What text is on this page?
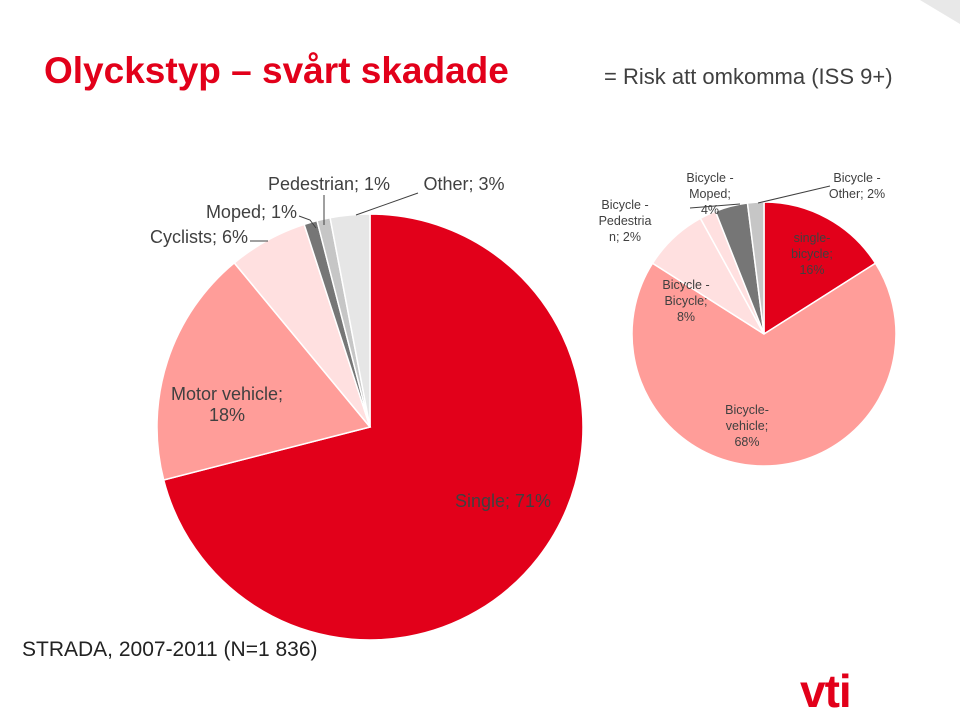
Olyckstyp – svårt skadade	= Risk att omkomma (ISS 9+)
Single; 71%
Motor vehicle; 18%
Cyclists; 6%
Moped; 1%
Pedestrian; 1% Other; 3%
single-bicycle; 16%
Bicycle-vehicle; 68%
Bicycle -Bicycle; 8%
Bicycle -Pedestria n; 2%
Bicycle -Moped; 4%
Bicycle -Other; 2%
STRADA, 2007-2011 (N=1 836)
vti
